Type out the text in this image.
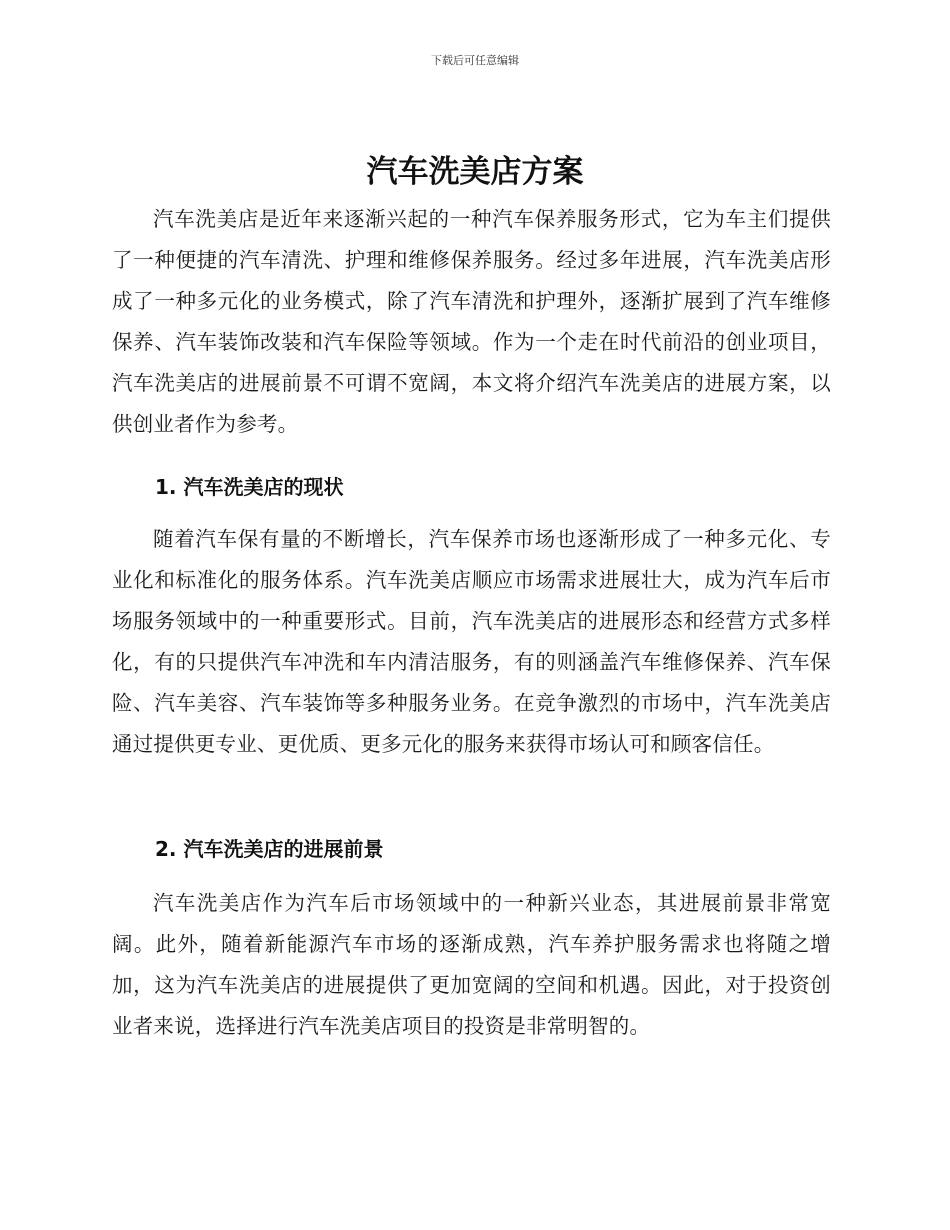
下载后可任意编辑
汽车洗美店方案

汽车洗美店是近年来逐渐兴起的一种汽车保养服务形式，它为车主们提供了一种便捷的汽车清洗、护理和维修保养服务。经过多年进展，汽车洗美店形成了一种多元化的业务模式，除了汽车清洗和护理外，逐渐扩展到了汽车维修保养、汽车装饰改装和汽车保险等领域。作为一个走在时代前沿的创业项目，汽车洗美店的进展前景不可谓不宽阔，本文将介绍汽车洗美店的进展方案，以供创业者作为参考。

1. 汽车洗美店的现状

随着汽车保有量的不断增长，汽车保养市场也逐渐形成了一种多元化、专业化和标准化的服务体系。汽车洗美店顺应市场需求进展壮大，成为汽车后市场服务领域中的一种重要形式。目前，汽车洗美店的进展形态和经营方式多样化，有的只提供汽车冲洗和车内清洁服务，有的则涵盖汽车维修保养、汽车保险、汽车美容、汽车装饰等多种服务业务。在竞争激烈的市场中，汽车洗美店通过提供更专业、更优质、更多元化的服务来获得市场认可和顾客信任。

2. 汽车洗美店的进展前景

汽车洗美店作为汽车后市场领域中的一种新兴业态，其进展前景非常宽阔。此外，随着新能源汽车市场的逐渐成熟，汽车养护服务需求也将随之增加，这为汽车洗美店的进展提供了更加宽阔的空间和机遇。因此，对于投资创业者来说，选择进行汽车洗美店项目的投资是非常明智的。
